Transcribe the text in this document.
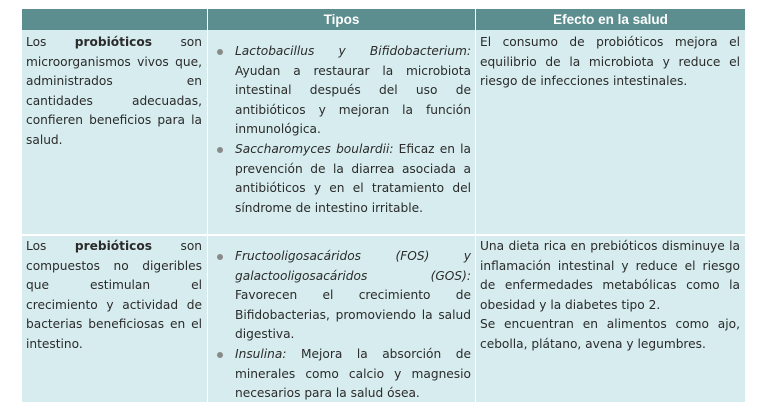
Tipos	Efecto en la salud

Los probióticos son microorganismos vivos que, administrados en cantidades adecuadas, confieren beneficios para la salud.

Lactobacillus y Bifidobacterium: Ayudan a restaurar la microbiota intestinal después del uso de antibióticos y mejoran la función inmunológica.
Saccharomyces boulardii: Eficaz en la prevención de la diarrea asociada a antibióticos y en el tratamiento del síndrome de intestino irritable.

El consumo de probióticos mejora el equilibrio de la microbiota y reduce el riesgo de infecciones intestinales.

Los prebióticos son compuestos no digeribles que estimulan el crecimiento y actividad de bacterias beneficiosas en el intestino.

Fructooligosacáridos (FOS) y galactooligosacáridos (GOS): Favorecen el crecimiento de Bifidobacterias, promoviendo la salud digestiva.
Insulina: Mejora la absorción de minerales como calcio y magnesio necesarios para la salud ósea.

Una dieta rica en prebióticos disminuye la inflamación intestinal y reduce el riesgo de enfermedades metabólicas como la obesidad y la diabetes tipo 2.

Se encuentran en alimentos como ajo, cebolla, plátano, avena y legumbres.
